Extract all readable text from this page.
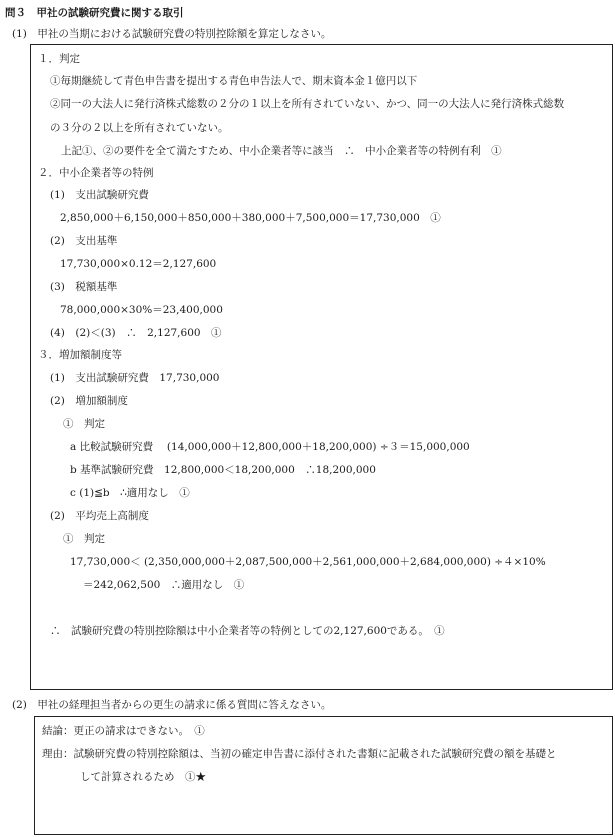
問３　甲社の試験研究費に関する取引
(1)　甲社の当期における試験研究費の特別控除額を算定しなさい。
１．判定
①毎期継続して青色申告書を提出する青色申告法人で、期末資本金１億円以下
②同一の大法人に発行済株式総数の２分の１以上を所有されていない、かつ、同一の大法人に発行済株式総数
の３分の２以上を所有されていない。
上記①、②の要件を全て満たすため、中小企業者等に該当　∴　中小企業者等の特例有利　①
２．中小企業者等の特例
(1)　支出試験研究費
2,850,000＋6,150,000＋850,000＋380,000＋7,500,000＝17,730,000　①
(2)　支出基準
17,730,000×0.12＝2,127,600
(3)　税額基準
78,000,000×30%＝23,400,000
(4)　(2)＜(3)　∴　2,127,600　①
３．増加額制度等
(1)　支出試験研究費　17,730,000
(2)　増加額制度
①　判定
a 比較試験研究費　 (14,000,000＋12,800,000＋18,200,000) ÷３＝15,000,000
b 基準試験研究費　12,800,000＜18,200,000　∴18,200,000
c (1)≦b　∴適用なし　①
(2)　平均売上高制度
①　判定
17,730,000＜ (2,350,000,000＋2,087,500,000＋2,561,000,000＋2,684,000,000) ÷４×10%
＝242,062,500　∴適用なし　①
∴　試験研究費の特別控除額は中小企業者等の特例としての2,127,600である。　①
(2)　甲社の経理担当者からの更生の請求に係る質問に答えなさい。
結論：更正の請求はできない。　①
理由：試験研究費の特別控除額は、当初の確定申告書に添付された書類に記載された試験研究費の額を基礎と
して計算されるため　①★
